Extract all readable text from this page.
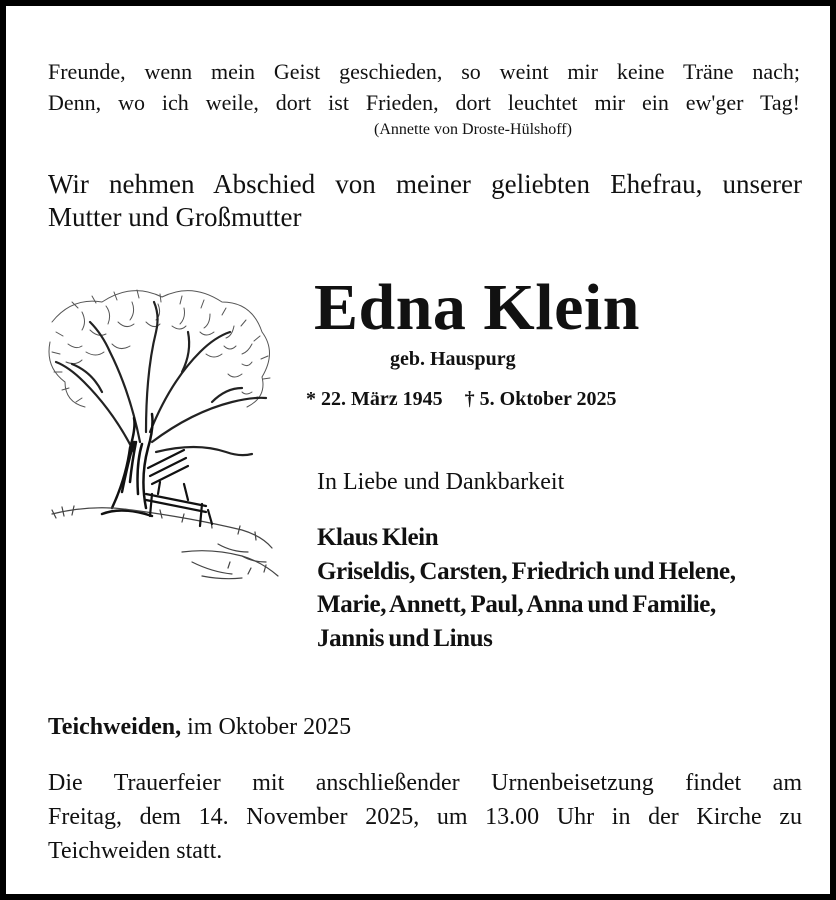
Freunde, wenn mein Geist geschieden, so weint mir keine Träne nach;
Denn, wo ich weile, dort ist Frieden, dort leuchtet mir ein ew'ger Tag!
(Annette von Droste-Hülshoff)
Wir nehmen Abschied von meiner geliebten Ehefrau, unserer
Mutter und Großmutter
Edna Klein
geb. Hauspurg
* 22. März 1945 † 5. Oktober 2025
In Liebe und Dankbarkeit
Klaus Klein
Griseldis, Carsten, Friedrich und Helene,
Marie, Annett, Paul, Anna und Familie,
Jannis und Linus
Teichweiden, im Oktober 2025
Die Trauerfeier mit anschließender Urnenbeisetzung findet am
Freitag, dem 14. November 2025, um 13.00 Uhr in der Kirche zu
Teichweiden statt.
